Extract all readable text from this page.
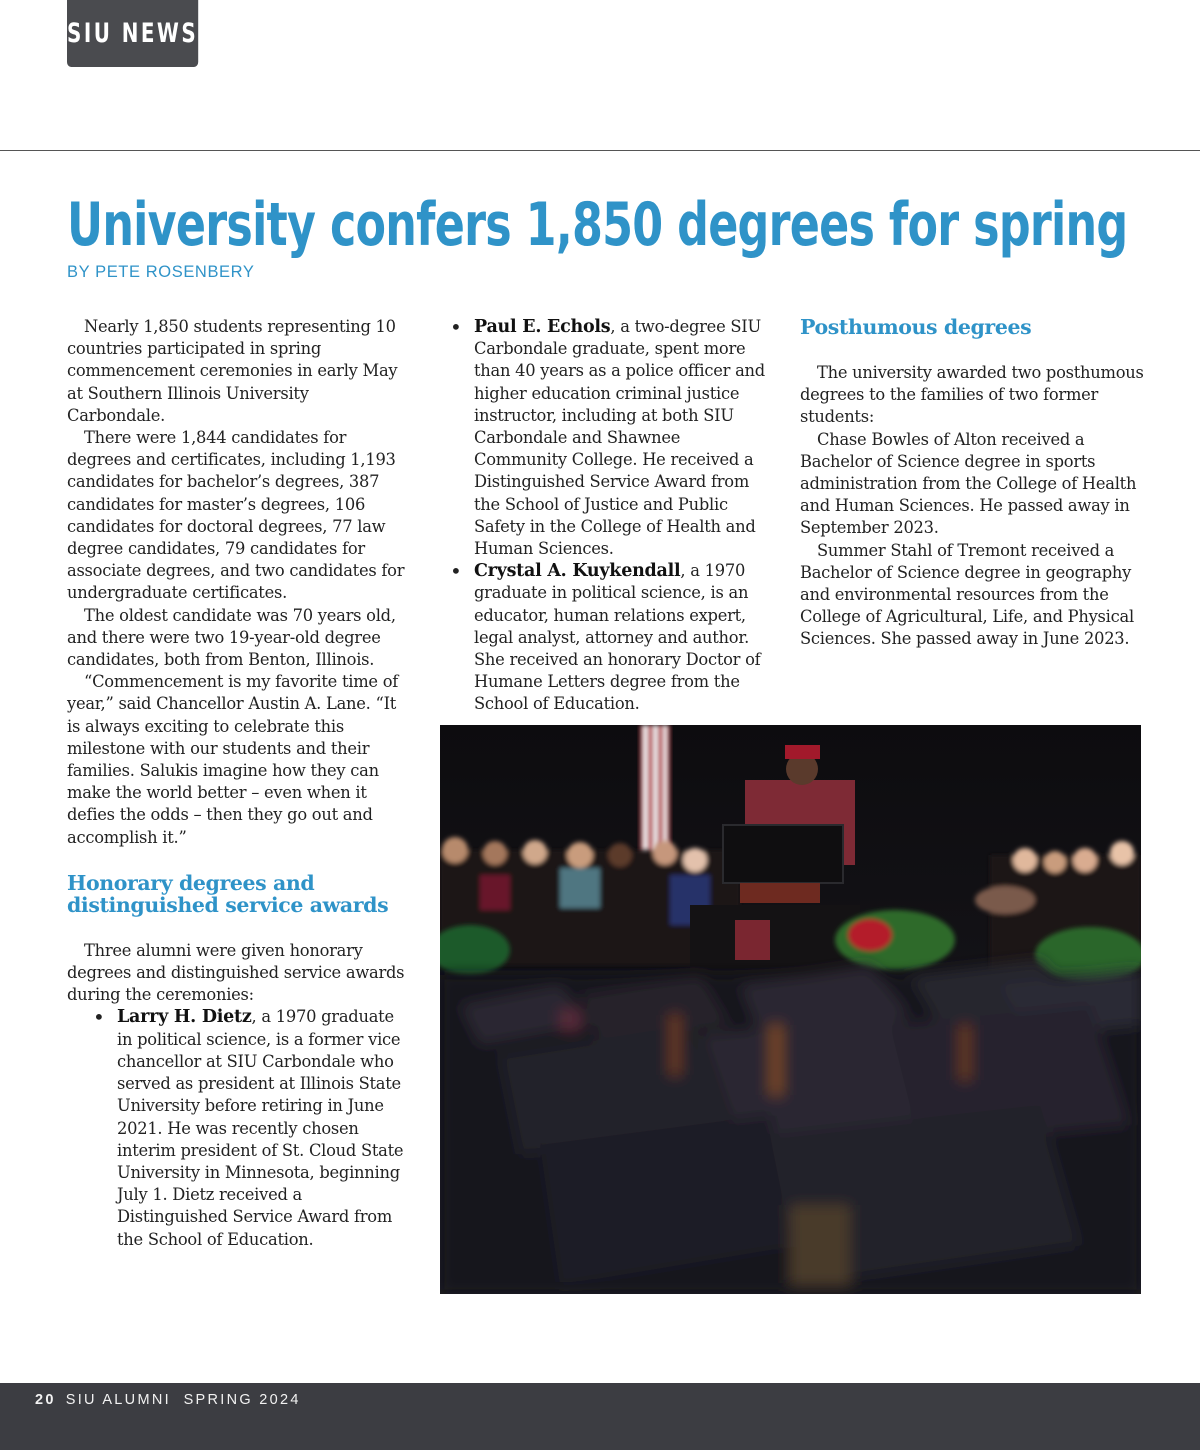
SIU NEWS
University confers 1,850 degrees for spring
BY PETE ROSENBERY

Nearly 1,850 students representing 10 countries participated in spring commencement ceremonies in early May at Southern Illinois University Carbondale.

There were 1,844 candidates for degrees and certificates, including 1,193 candidates for bachelor’s degrees, 387 candidates for master’s degrees, 106 candidates for doctoral degrees, 77 law degree candidates, 79 candidates for associate degrees, and two candidates for undergraduate certificates.

The oldest candidate was 70 years old, and there were two 19-year-old degree candidates, both from Benton, Illinois.

“Commencement is my favorite time of year,” said Chancellor Austin A. Lane. “It is always exciting to celebrate this milestone with our students and their families. Salukis imagine how they can make the world better – even when it defies the odds – then they go out and accomplish it.”

Honorary degrees and distinguished service awards

Three alumni were given honorary degrees and distinguished service awards during the ceremonies:

• Larry H. Dietz, a 1970 graduate in political science, is a former vice chancellor at SIU Carbondale who served as president at Illinois State University before retiring in June 2021. He was recently chosen interim president of St. Cloud State University in Minnesota, beginning July 1. Dietz received a Distinguished Service Award from the School of Education.
• Paul E. Echols, a two-degree SIU Carbondale graduate, spent more than 40 years as a police officer and higher education criminal justice instructor, including at both SIU Carbondale and Shawnee Community College. He received a Distinguished Service Award from the School of Justice and Public Safety in the College of Health and Human Sciences.
• Crystal A. Kuykendall, a 1970 graduate in political science, is an educator, human relations expert, legal analyst, attorney and author. She received an honorary Doctor of Humane Letters degree from the School of Education.
Posthumous degrees

The university awarded two posthumous degrees to the families of two former students:

Chase Bowles of Alton received a Bachelor of Science degree in sports administration from the College of Health and Human Sciences. He passed away in September 2023.

Summer Stahl of Tremont received a Bachelor of Science degree in geography and environmental resources from the College of Agricultural, Life, and Physical Sciences. She passed away in June 2023.

20 SIU ALUMNI  SPRING 2024
